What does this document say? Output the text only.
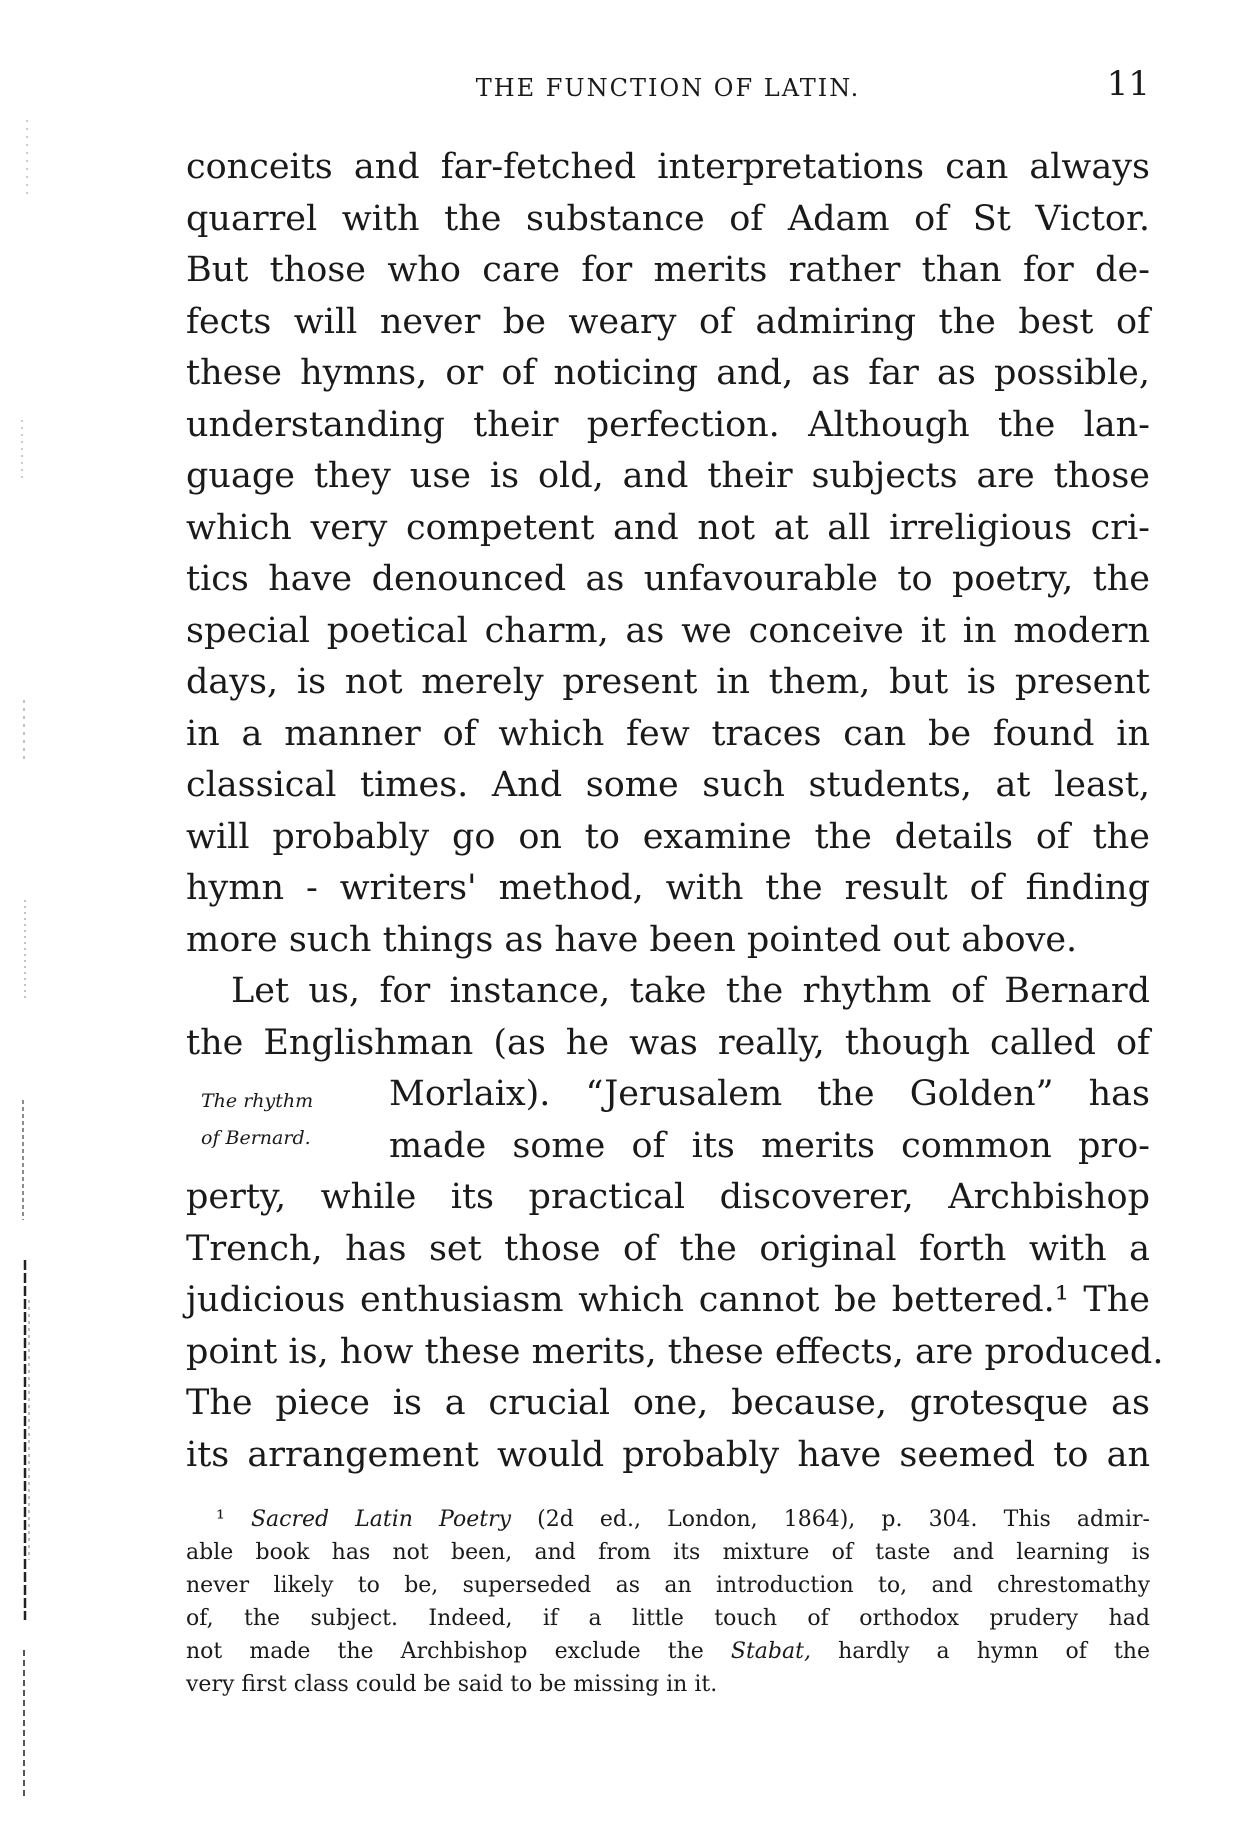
THE FUNCTION OF LATIN.	11
conceits and far-fetched interpretations can always
quarrel with the substance of Adam of St Victor.
But those who care for merits rather than for de-
fects will never be weary of admiring the best of
these hymns, or of noticing and, as far as possible,
understanding their perfection. Although the lan-
guage they use is old, and their subjects are those
which very competent and not at all irreligious cri-
tics have denounced as unfavourable to poetry, the
special poetical charm, as we conceive it in modern
days, is not merely present in them, but is present
in a manner of which few traces can be found in
classical times. And some such students, at least,
will probably go on to examine the details of the
hymn - writers' method, with the result of finding
more such things as have been pointed out above.
Let us, for instance, take the rhythm of Bernard
the Englishman (as he was really, though called of
Morlaix). “Jerusalem the Golden” has
made some of its merits common pro-
perty, while its practical discoverer, Archbishop
Trench, has set those of the original forth with a
judicious enthusiasm which cannot be bettered.¹ The
point is, how these merits, these effects, are produced.
The piece is a crucial one, because, grotesque as
its arrangement would probably have seemed to an
The rhythm
of Bernard.
¹ Sacred Latin Poetry (2d ed., London, 1864), p. 304. This admir-
able book has not been, and from its mixture of taste and learning is
never likely to be, superseded as an introduction to, and chrestomathy
of, the subject. Indeed, if a little touch of orthodox prudery had
not made the Archbishop exclude the Stabat, hardly a hymn of the
very first class could be said to be missing in it.
